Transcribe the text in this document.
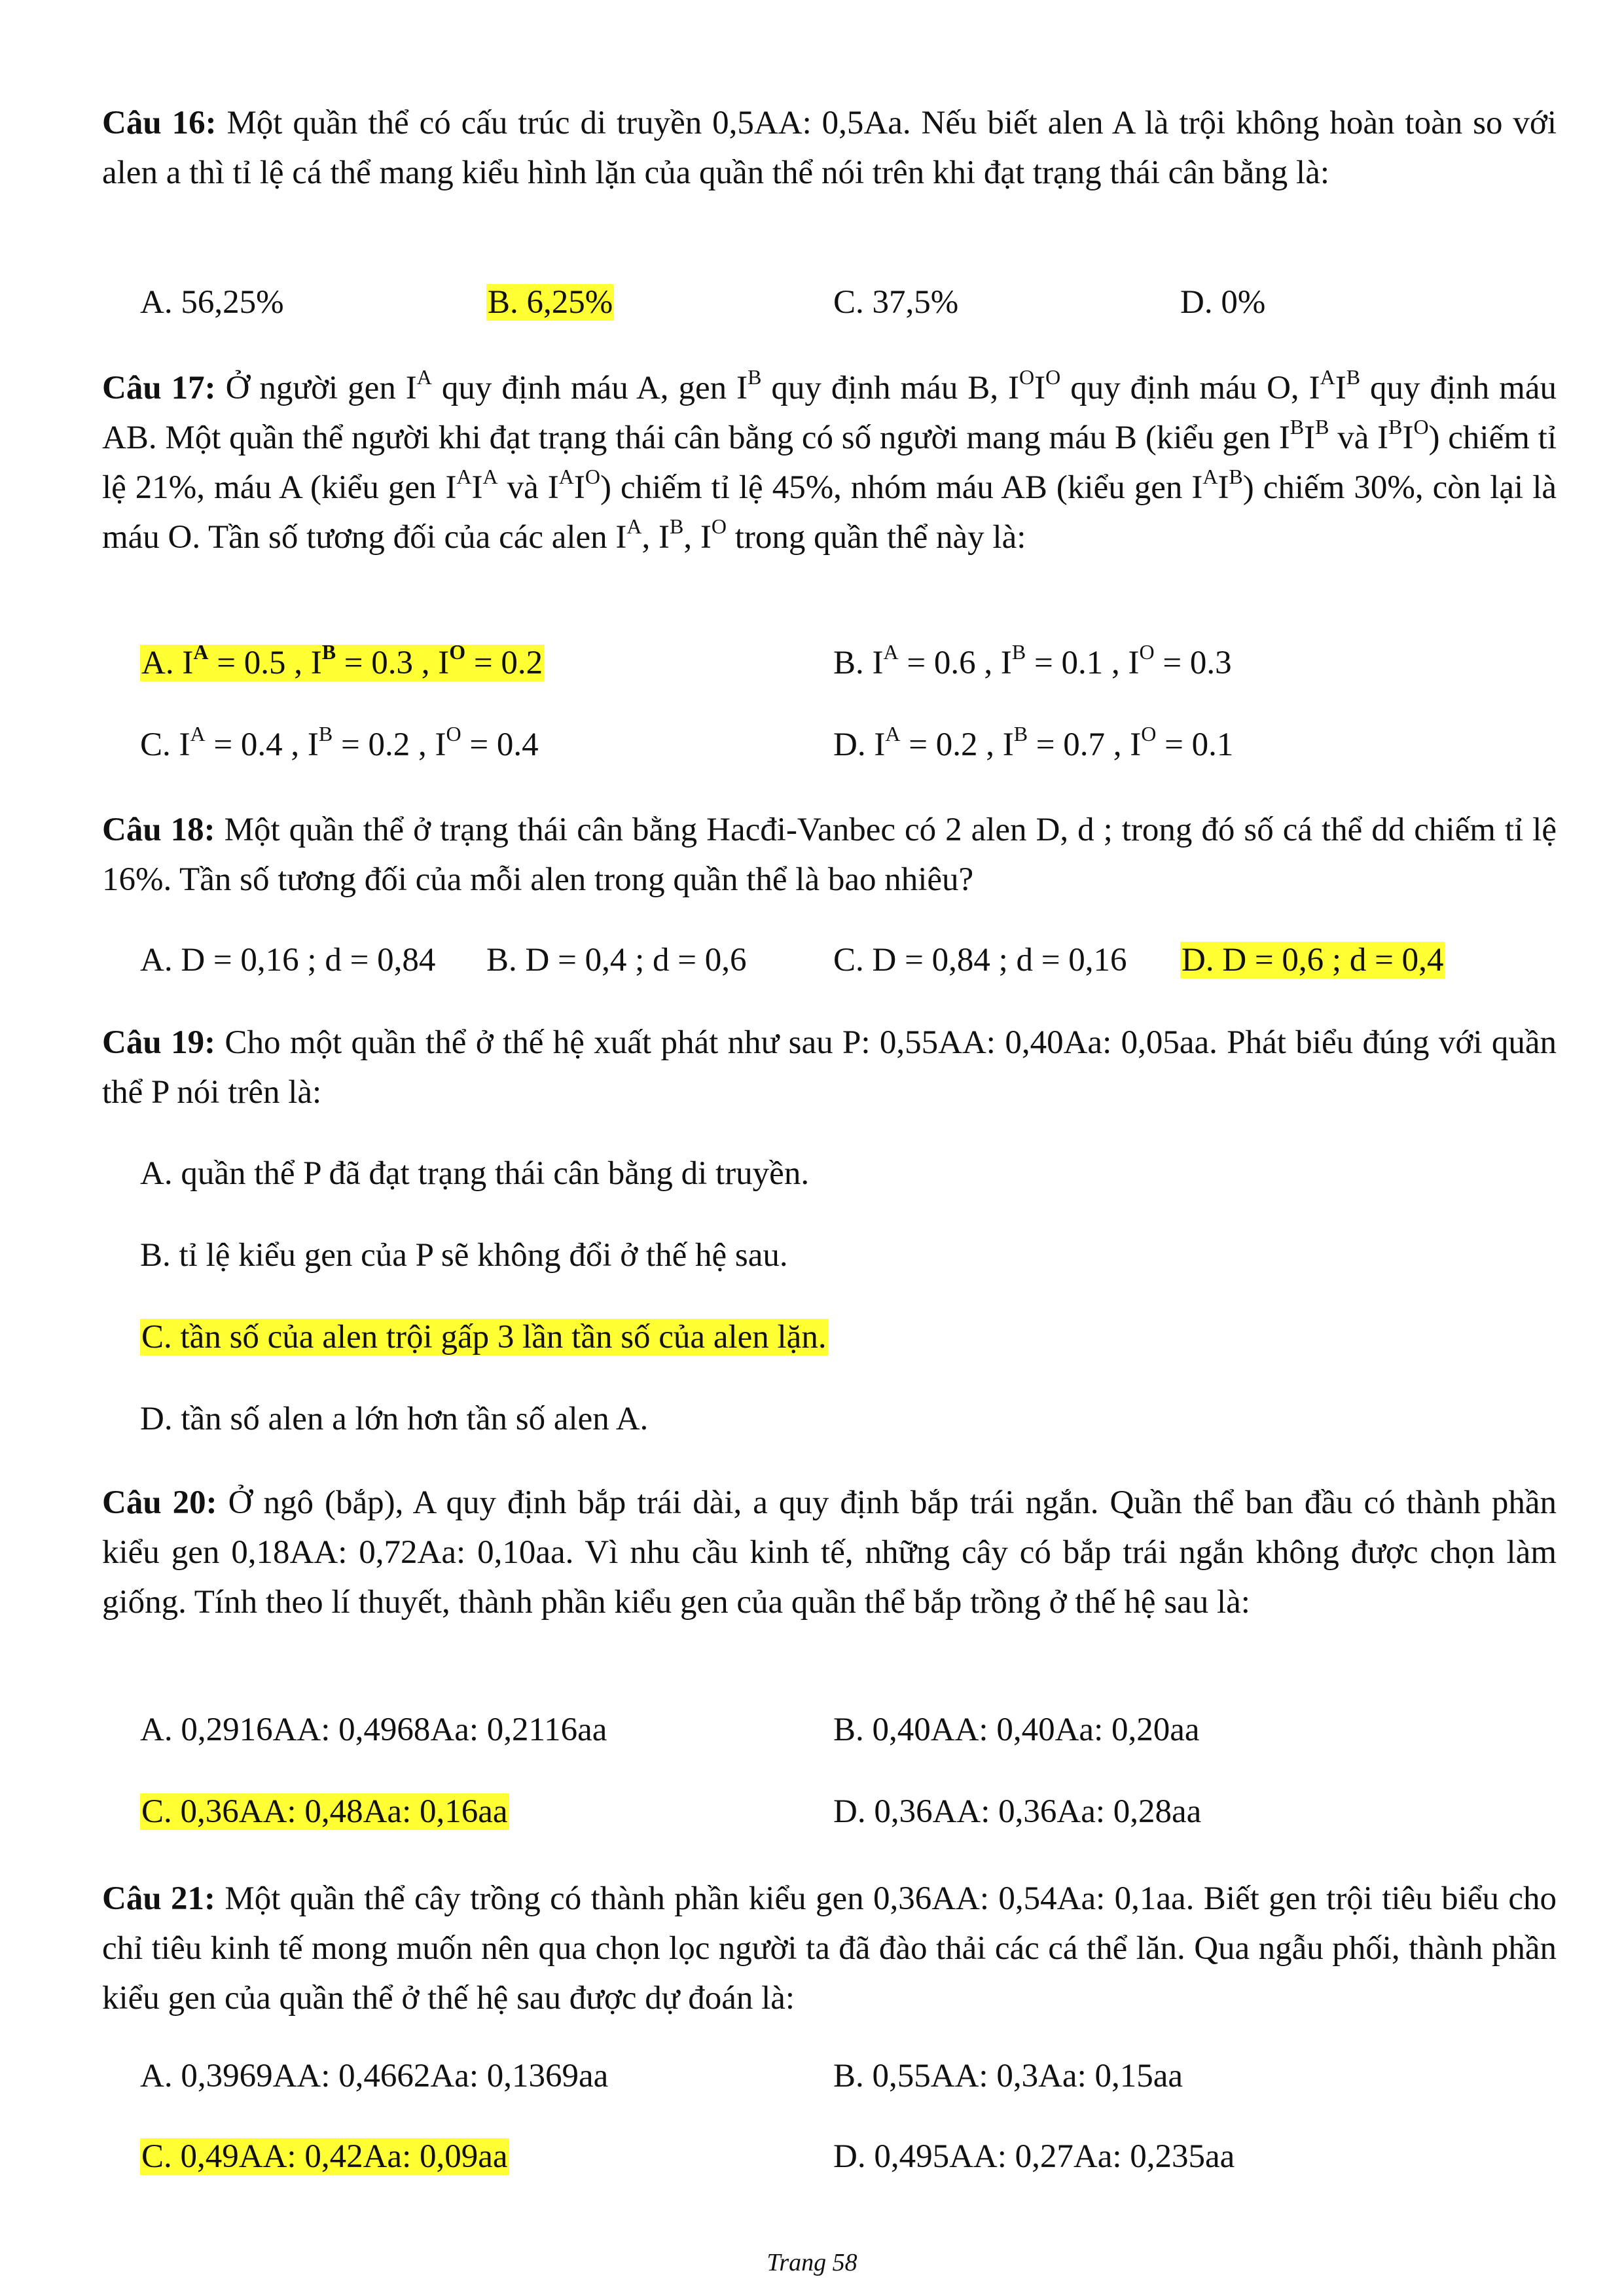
Câu 16: Một quần thể có cấu trúc di truyền 0,5AA: 0,5Aa. Nếu biết alen A là trội không hoàn toàn so với alen a thì tỉ lệ cá thể mang kiểu hình lặn của quần thể nói trên khi đạt trạng thái cân bằng là:
A. 56,25%	B. 6,25%	C. 37,5%	D. 0%
Câu 17: Ở người gen $I^A$ quy định máu A, gen $I^B$ quy định máu B, $I^OI^O$ quy định máu O, $I^AI^B$ quy định máu AB. Một quần thể người khi đạt trạng thái cân bằng có số người mang máu B (kiểu gen $I^BI^B$ và $I^BI^O$) chiếm tỉ lệ 21%, máu A (kiểu gen $I^AI^A$ và $I^AI^O$) chiếm tỉ lệ 45%, nhóm máu AB (kiểu gen $I^AI^B$) chiếm 30%, còn lại là máu O. Tần số tương đối của các alen $I^A$, $I^B$, $I^O$ trong quần thể này là:
A. $I^A = 0.5$ , $I^B = 0.3$ , $I^O = 0.2$	B. $I^A = 0.6$ , $I^B = 0.1$ , $I^O = 0.3$
C. $I^A = 0.4$ , $I^B = 0.2$ , $I^O = 0.4$	D. $I^A = 0.2$ , $I^B = 0.7$ , $I^O = 0.1$
Câu 18: Một quần thể ở trạng thái cân bằng Hacđi-Vanbec có 2 alen D, d ; trong đó số cá thể dd chiếm tỉ lệ 16%. Tần số tương đối của mỗi alen trong quần thể là bao nhiêu?
A. D = 0,16 ; d = 0,84 B. D = 0,4 ; d = 0,6	C. D = 0,84 ; d = 0,16 D. D = 0,6 ; d = 0,4
Câu 19: Cho một quần thể ở thế hệ xuất phát như sau P: 0,55AA: 0,40Aa: 0,05aa. Phát biểu đúng với quần thể P nói trên là:
A. quần thể P đã đạt trạng thái cân bằng di truyền.
B. tỉ lệ kiểu gen của P sẽ không đổi ở thế hệ sau.
C. tần số của alen trội gấp 3 lần tần số của alen lặn.
D. tần số alen a lớn hơn tần số alen A.
Câu 20: Ở ngô (bắp), A quy định bắp trái dài, a quy định bắp trái ngắn. Quần thể ban đầu có thành phần kiểu gen 0,18AA: 0,72Aa: 0,10aa. Vì nhu cầu kinh tế, những cây có bắp trái ngắn không được chọn làm giống. Tính theo lí thuyết, thành phần kiểu gen của quần thể bắp trồng ở thế hệ sau là:
A. 0,2916AA: 0,4968Aa: 0,2116aa	B. 0,40AA: 0,40Aa: 0,20aa
C. 0,36AA: 0,48Aa: 0,16aa	D. 0,36AA: 0,36Aa: 0,28aa
Câu 21: Một quần thể cây trồng có thành phần kiểu gen 0,36AA: 0,54Aa: 0,1aa. Biết gen trội tiêu biểu cho chỉ tiêu kinh tế mong muốn nên qua chọn lọc người ta đã đào thải các cá thể lăn. Qua ngẫu phối, thành phần kiểu gen của quần thể ở thế hệ sau được dự đoán là:
A. 0,3969AA: 0,4662Aa: 0,1369aa	B. 0,55AA: 0,3Aa: 0,15aa
C. 0,49AA: 0,42Aa: 0,09aa	D. 0,495AA: 0,27Aa: 0,235aa
Trang 58
